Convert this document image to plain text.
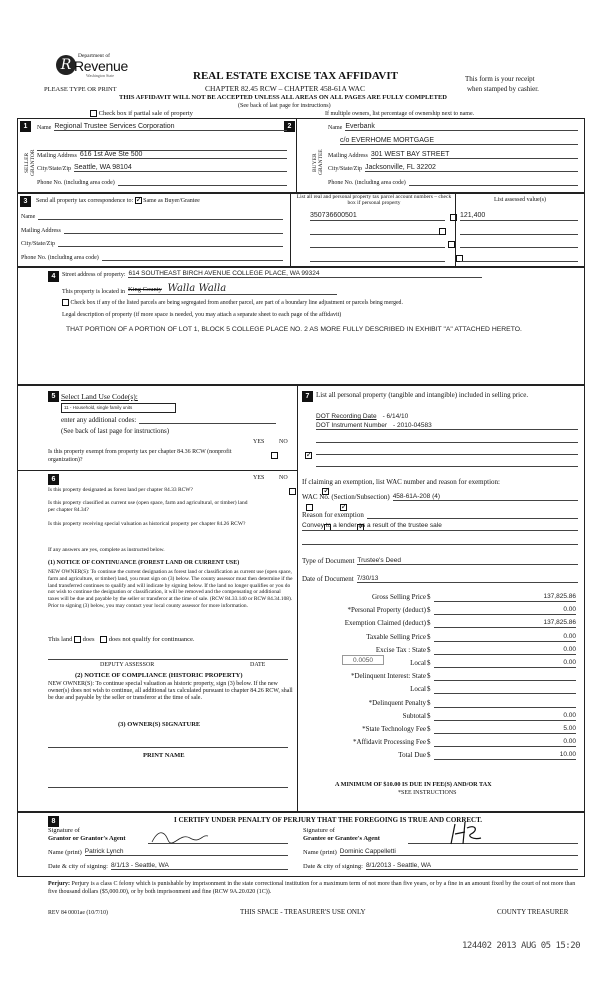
Department of
R Revenue
Washington State
PLEASE TYPE OR PRINT
REAL ESTATE EXCISE TAX AFFIDAVIT
CHAPTER 82.45 RCW – CHAPTER 458-61A WAC
This form is your receipt
when stamped by cashier.
THIS AFFIDAVIT WILL NOT BE ACCEPTED UNLESS ALL AREAS ON ALL PAGES ARE FULLY COMPLETED
(See back of last page for instructions)
Check box if partial sale of property	If multiple owners, list percentage of ownership next to name.
1	2
SELLER GRANTOR	BUYER GRANTEE
Name Regional Trustee Services Corporation
Mailing Address 616 1st Ave Ste 500
City/State/Zip Seattle, WA 98104
Phone No. (including area code)
Name Everbank
c/o EVERHOME MORTGAGE
Mailing Address 301 WEST BAY STREET
City/State/Zip Jacksonville, FL 32202
Phone No. (including area code)
3	Send all property tax correspondence to: ✓ Same as Buyer/Grantee
Name
Mailing Address
City/State/Zip
Phone No. (including area code)
List all real and personal property tax parcel account numbers – check box if personal property
List assessed value(s)
350736600501
	121,400

4	Street address of property: 614 SOUTHEAST BIRCH AVENUE COLLEGE PLACE, WA 99324
This property is located in King County Walla Walla
Check box if any of the listed parcels are being segregated from another parcel, are part of a boundary line adjustment or parcels being merged.
Legal description of property (if more space is needed, you may attach a separate sheet to each page of the affidavit)
THAT PORTION OF A PORTION OF LOT 1, BLOCK 5 COLLEGE PLACE NO. 2 AS MORE FULLY DESCRIBED IN EXHIBIT "A" ATTACHED HERETO.
5 Select Land Use Code(s):
11 - Household, single family units
enter any additional codes:
(See back of last page for instructions)
YES NO
Is this property exempt from property tax per chapter 84.36 RCW (nonprofit organization)?
✓
6	YES NO
Is this property designated as forest land per chapter 84.33 RCW?
✓
Is this property classified as current use (open space, farm and agricultural, or timber) land per chapter 84.34?
✓
Is this property receiving special valuation as historical property per chapter 84.26 RCW?
✓
If any answers are yes, complete as instructed below.
(1) NOTICE OF CONTINUANCE (FOREST LAND OR CURRENT USE)
NEW OWNER(S): To continue the current designation as forest land or classification as current use (open space, farm and agriculture, or timber) land, you must sign on (3) below. The county assessor must then determine if the land transferred continues to qualify and will indicate by signing below. If the land no longer qualifies or you do not wish to continue the designation or classification, it will be removed and the compensating or additional taxes will be due and payable by the seller or transferor at the time of sale. (RCW 84.33.140 or RCW 84.34.108). Prior to signing (3) below, you may contact your local county assessor for more information.
This land does does not qualify for continuance.
DEPUTY ASSESSOR	DATE
(2) NOTICE OF COMPLIANCE (HISTORIC PROPERTY)
NEW OWNER(S): To continue special valuation as historic property, sign (3) below. If the new owner(s) does not wish to continue, all additional tax calculated pursuant to chapter 84.26 RCW, shall be due and payable by the seller or transferor at the time of sale.
(3) OWNER(S) SIGNATURE
PRINT NAME
7 List all personal property (tangible and intangible) included in selling price.
DOT Recording Date - 6/14/10
DOT Instrument Number - 2010-04583
If claiming an exemption, list WAC number and reason for exemption:
WAC No. (Section/Subsection) 458-61A-208 (4)
Reason for exemption
Convey to a lender as a result of the trustee sale
Type of Document Trustee's Deed
Date of Document 7/30/13
Gross Selling Price $	137,825.86
*Personal Property (deduct) $	0.00
Exemption Claimed (deduct) $	137,825.86
Taxable Selling Price $	0.00
Excise Tax : State $	0.00
Local $	0.00
*Delinquent Interest: State $
Local $
*Delinquent Penalty $
Subtotal $	0.00
*State Technology Fee $	5.00
*Affidavit Processing Fee $	0.00
Total Due $	10.00
0.0050
A MINIMUM OF $10.00 IS DUE IN FEE(S) AND/OR TAX
*SEE INSTRUCTIONS
8	I CERTIFY UNDER PENALTY OF PERJURY THAT THE FOREGOING IS TRUE AND CORRECT.
Signature of
Grantor or Grantor's Agent
Signature of
Grantee or Grantee's Agent
Name (print) Patrick Lynch	Name (print) Dominic Cappelletti
Date & city of signing: 8/1/13 - Seattle, WA	Date & city of signing: 8/1/2013 - Seattle, WA
Perjury: Perjury is a class C felony which is punishable by imprisonment in the state correctional institution for a maximum term of not more than five years, or by a fine in an amount fixed by the court of not more than five thousand dollars ($5,000.00), or by both imprisonment and fine (RCW 9A.20.020 (1C)).
REV 84 0001ae (10/7/10)	THIS SPACE - TREASURER'S USE ONLY	COUNTY TREASURER
124402 2013 AUG 05 15:20
